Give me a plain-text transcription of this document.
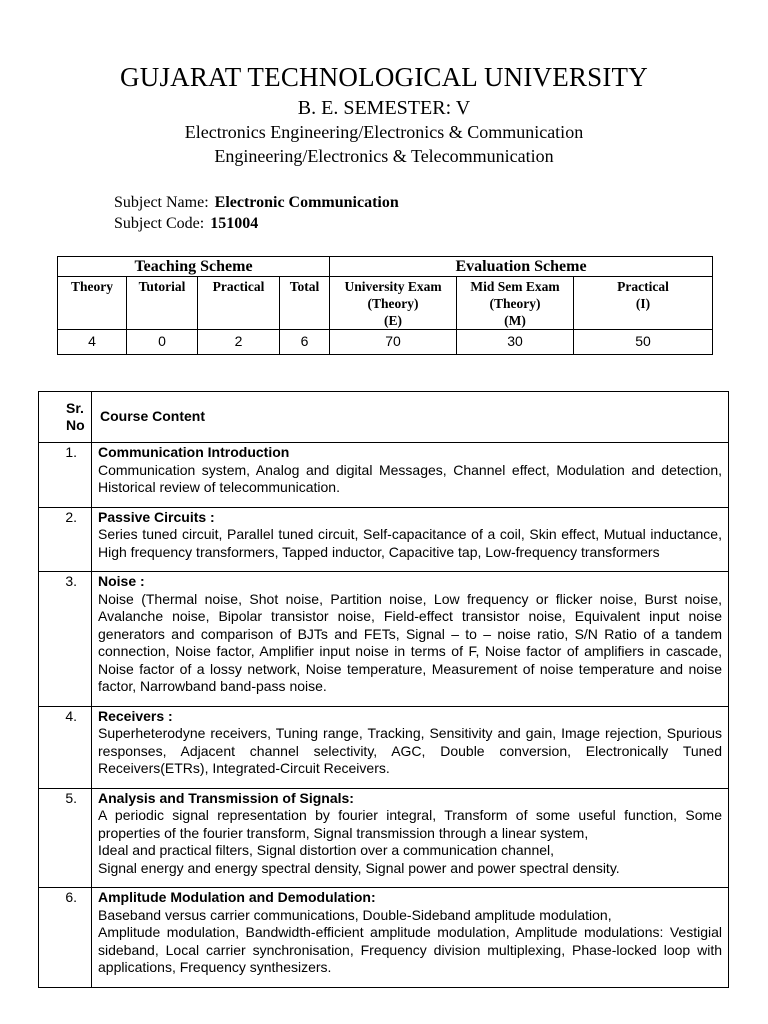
GUJARAT TECHNOLOGICAL UNIVERSITY
B. E. SEMESTER: V
Electronics Engineering/Electronics & Communication
Engineering/Electronics & Telecommunication
Subject Name: Electronic Communication
Subject Code: 151004
Teaching Scheme				Evaluation Scheme		

Theory	Tutorial	Practical	Total	University Exam
(Theory)
(E)	Mid Sem Exam
(Theory)
(M)	Practical
(I)

4	0	2	6	70	30	50
Sr.
No	Course Content
1.	Communication Introduction
Communication system, Analog and digital Messages, Channel effect, Modulation and detection, Historical review of telecommunication.

2.	Passive Circuits :
Series tuned circuit, Parallel tuned circuit, Self-capacitance of a coil, Skin effect, Mutual inductance, High frequency transformers, Tapped inductor, Capacitive tap, Low-frequency transformers

3.	Noise :
Noise (Thermal noise, Shot noise, Partition noise, Low frequency or flicker noise, Burst noise, Avalanche noise, Bipolar transistor noise, Field-effect transistor noise, Equivalent input noise generators and comparison of BJTs and FETs, Signal – to – noise ratio, S/N Ratio of a tandem connection, Noise factor, Amplifier input noise in terms of F, Noise factor of amplifiers in cascade, Noise factor of a lossy network, Noise temperature, Measurement of noise temperature and noise factor, Narrowband band-pass noise.

4.	Receivers :
Superheterodyne receivers, Tuning range, Tracking, Sensitivity and gain, Image rejection, Spurious responses, Adjacent channel selectivity, AGC, Double conversion, Electronically Tuned Receivers(ETRs), Integrated-Circuit Receivers.

5.	Analysis and Transmission of Signals:
A periodic signal representation by fourier integral, Transform of some useful function, Some properties of the fourier transform, Signal transmission through a linear system,
Ideal and practical filters, Signal distortion over a communication channel,
Signal energy and energy spectral density, Signal power and power spectral density.

6.	Amplitude Modulation and Demodulation:
Baseband versus carrier communications, Double-Sideband amplitude modulation,
Amplitude modulation, Bandwidth-efficient amplitude modulation, Amplitude modulations: Vestigial sideband, Local carrier synchronisation, Frequency division multiplexing, Phase-locked loop with applications, Frequency synthesizers.
